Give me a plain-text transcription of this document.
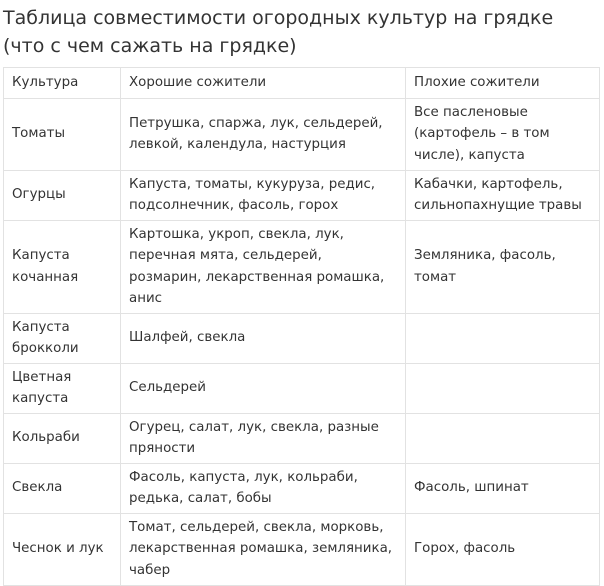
Таблица совместимости огородных культур на грядке (что с чем сажать на грядке)
Культура	Хорошие сожители	Плохие сожители
Томаты	Петрушка, спаржа, лук, сельдерей, левкой, календула, настурция	Все пасленовые (картофель – в том числе), капуста
Огурцы	Капуста, томаты, кукуруза, редис, подсолнечник, фасоль, горох	Кабачки, картофель, сильнопахнущие травы
Капуста кочанная	Картошка, укроп, свекла, лук, перечная мята, сельдерей, розмарин, лекарственная ромашка, анис	Земляника, фасоль, томат
Капуста брокколи	Шалфей, свекла	
Цветная капуста	Сельдерей	
Кольраби	Огурец, салат, лук, свекла, разные пряности	
Свекла	Фасоль, капуста, лук, кольраби, редька, салат, бобы	Фасоль, шпинат
Чеснок и лук	Томат, сельдерей, свекла, морковь, лекарственная ромашка, земляника, чабер	Горох, фасоль
